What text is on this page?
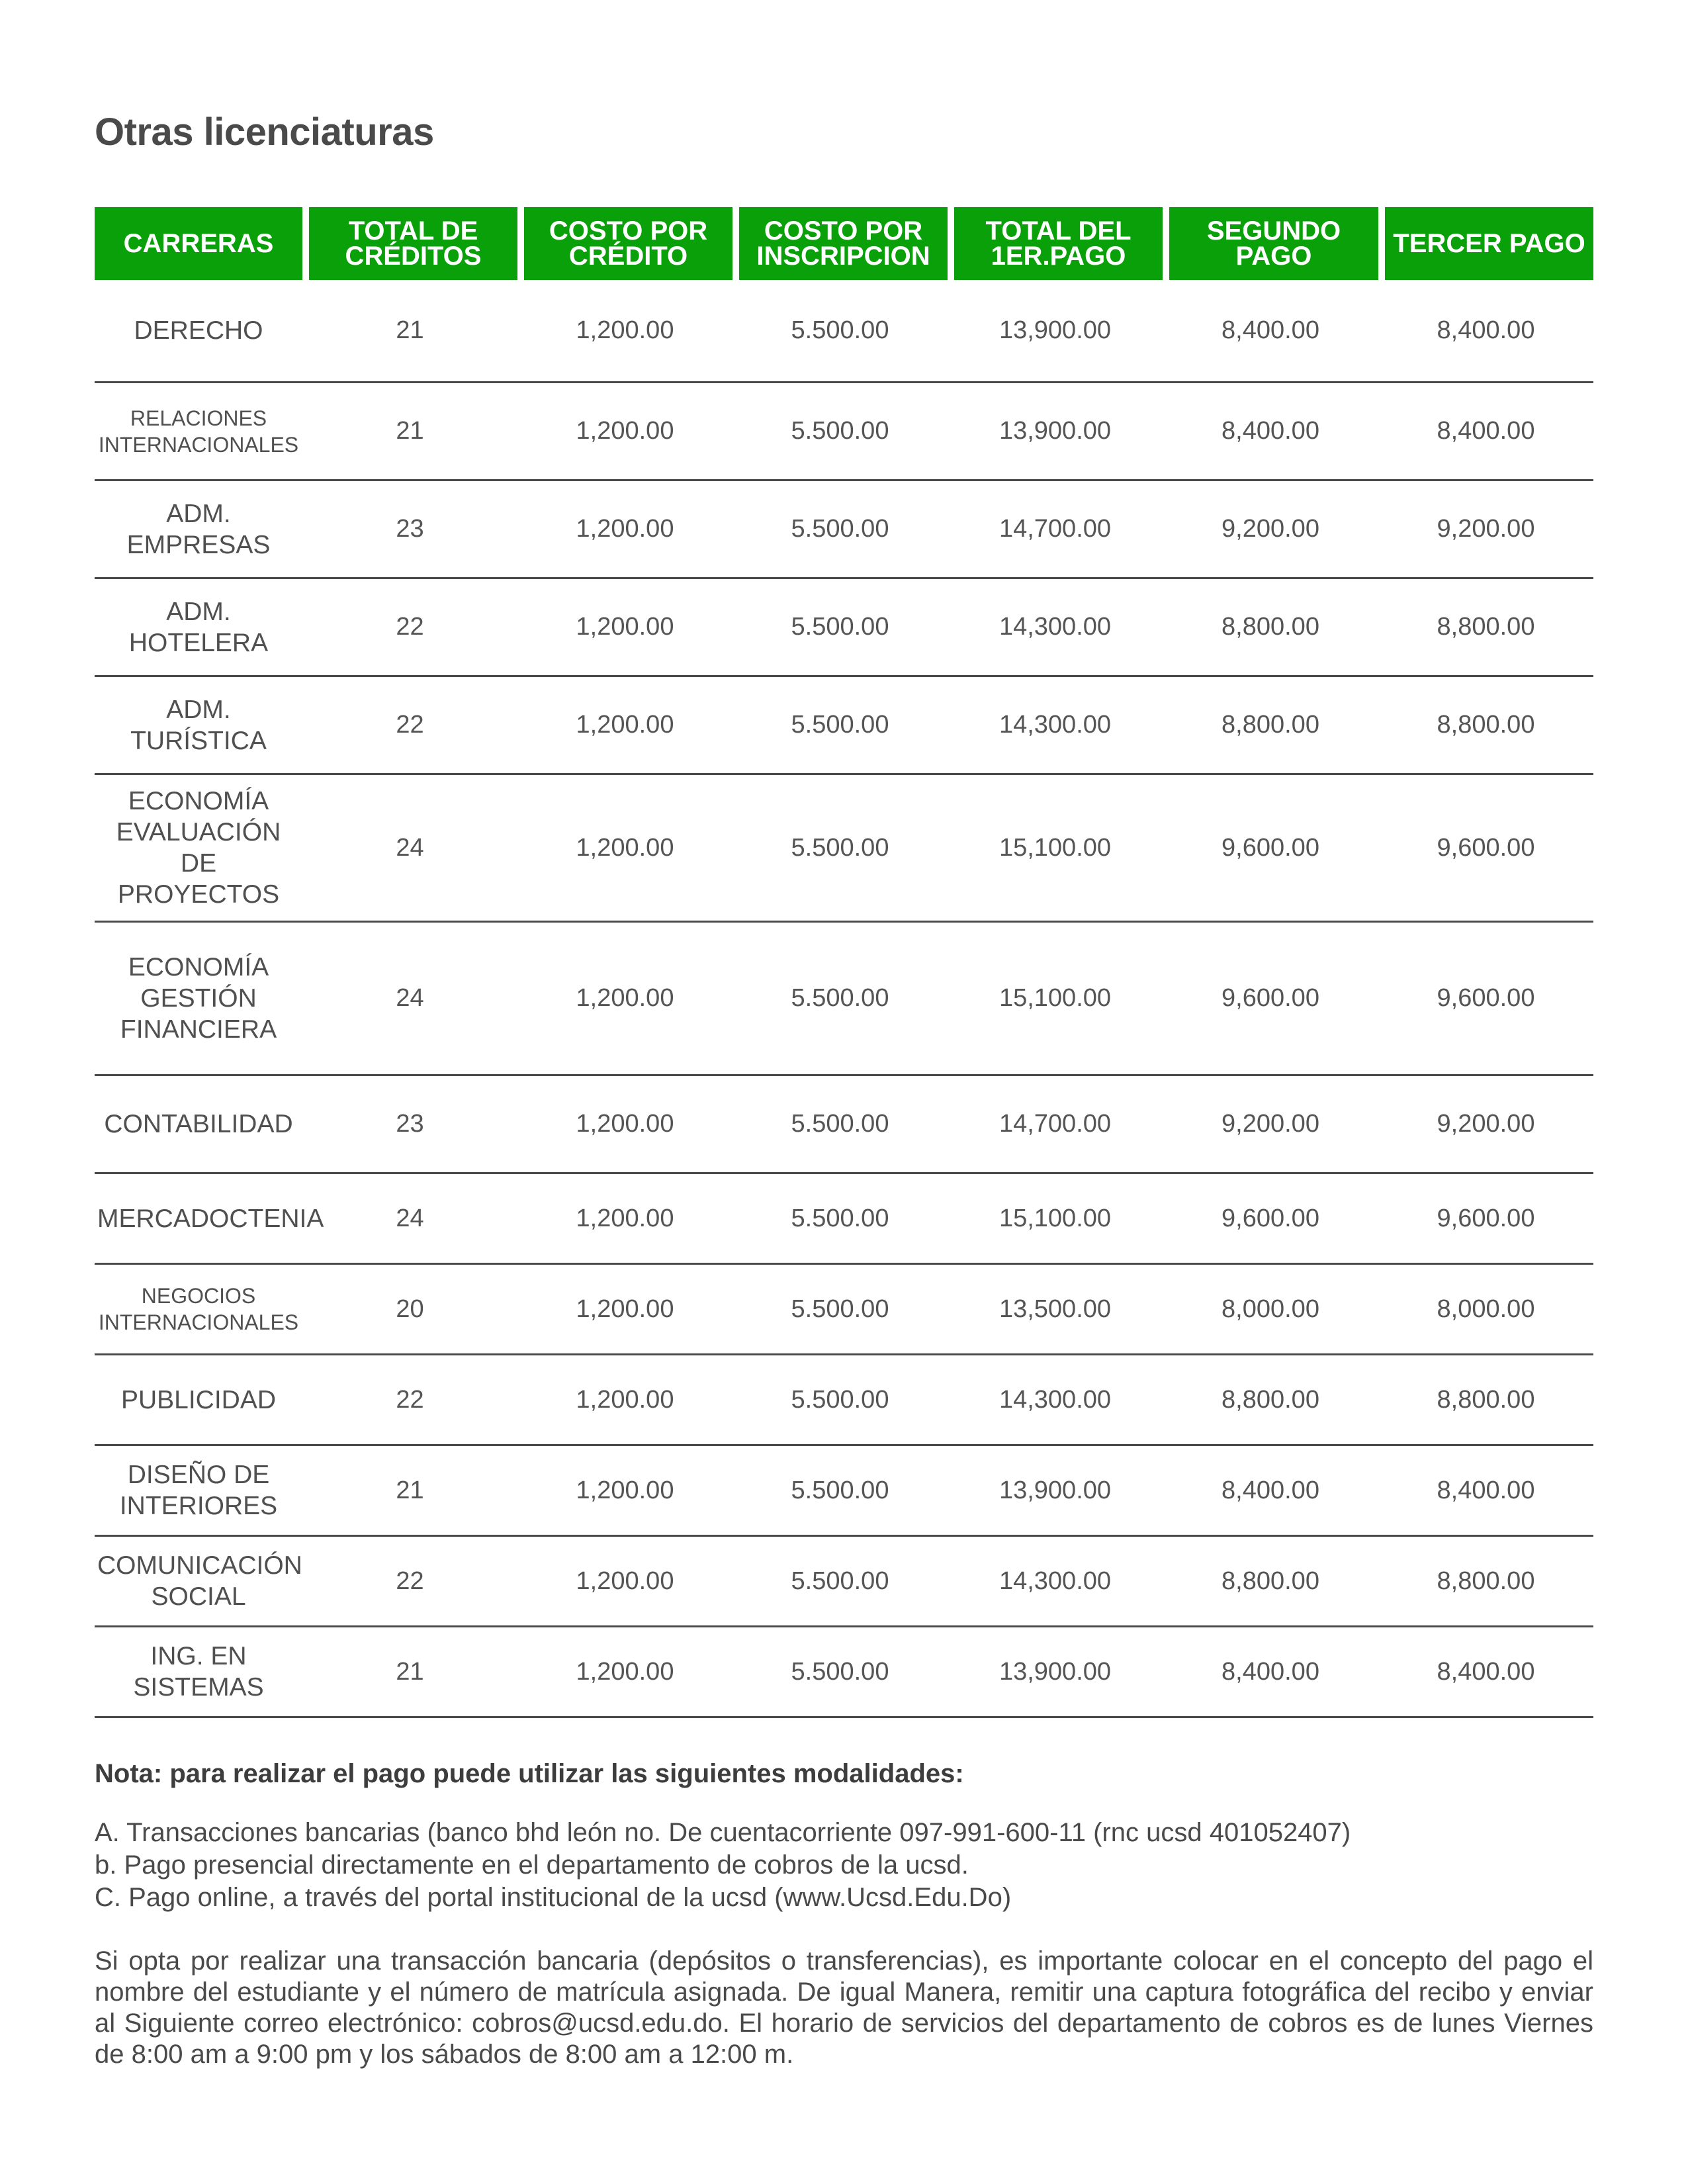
Otras licenciaturas
CARRERAS	TOTAL DE CRÉDITOS	COSTO POR CRÉDITO	COSTO POR INSCRIPCION	TOTAL DEL 1ER.PAGO	SEGUNDO PAGO	TERCER PAGO
DERECHO	21	1,200.00	5.500.00	13,900.00	8,400.00	8,400.00
RELACIONES INTERNACIONALES	21	1,200.00	5.500.00	13,900.00	8,400.00	8,400.00
ADM. EMPRESAS	23	1,200.00	5.500.00	14,700.00	9,200.00	9,200.00
ADM. HOTELERA	22	1,200.00	5.500.00	14,300.00	8,800.00	8,800.00
ADM. TURÍSTICA	22	1,200.00	5.500.00	14,300.00	8,800.00	8,800.00
ECONOMÍA EVALUACIÓN DE PROYECTOS	24	1,200.00	5.500.00	15,100.00	9,600.00	9,600.00
ECONOMÍA GESTIÓN FINANCIERA	24	1,200.00	5.500.00	15,100.00	9,600.00	9,600.00
CONTABILIDAD	23	1,200.00	5.500.00	14,700.00	9,200.00	9,200.00
MERCADOCTENIA	24	1,200.00	5.500.00	15,100.00	9,600.00	9,600.00
NEGOCIOS INTERNACIONALES	20	1,200.00	5.500.00	13,500.00	8,000.00	8,000.00
PUBLICIDAD	22	1,200.00	5.500.00	14,300.00	8,800.00	8,800.00
DISEÑO DE INTERIORES	21	1,200.00	5.500.00	13,900.00	8,400.00	8,400.00
COMUNICACIÓN SOCIAL	22	1,200.00	5.500.00	14,300.00	8,800.00	8,800.00
ING. EN SISTEMAS	21	1,200.00	5.500.00	13,900.00	8,400.00	8,400.00

Nota: para realizar el pago puede utilizar las siguientes modalidades:

A. Transacciones bancarias (banco bhd león no. De cuentacorriente 097-991-600-11 (rnc ucsd 401052407)
b. Pago presencial directamente en el departamento de cobros de la ucsd.
C. Pago online, a través del portal institucional de la ucsd (www.Ucsd.Edu.Do)

Si opta por realizar una transacción bancaria (depósitos o transferencias), es importante colocar en el concepto del pago el nombre del estudiante y el número de matrícula asignada. De igual Manera, remitir una captura fotográfica del recibo y enviar al Siguiente correo electrónico: cobros@ucsd.edu.do. El horario de servicios del departamento de cobros es de lunes Viernes de 8:00 am a 9:00 pm y los sábados de 8:00 am a 12:00 m.
